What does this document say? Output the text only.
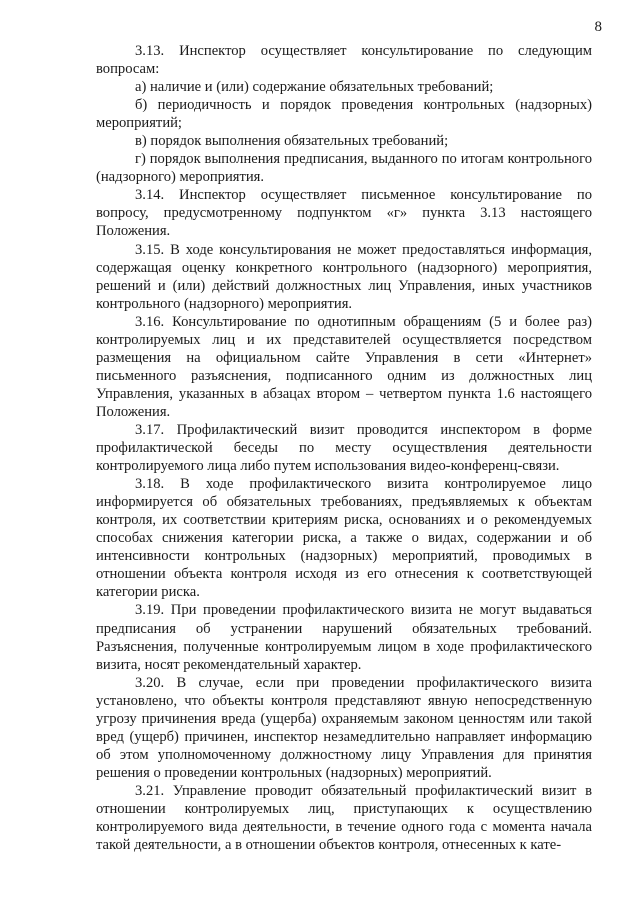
8

3.13. Инспектор осуществляет консультирование по следующим вопросам:

а) наличие и (или) содержание обязательных требований;

б) периодичность и порядок проведения контрольных (надзорных) мероприятий;

в) порядок выполнения обязательных требований;

г) порядок выполнения предписания, выданного по итогам контрольного (надзорного) мероприятия.

3.14. Инспектор осуществляет письменное консультирование по вопросу, предусмотренному подпунктом «г» пункта 3.13 настоящего Положения.

3.15. В ходе консультирования не может предоставляться информация, содержащая оценку конкретного контрольного (надзорного) мероприятия, решений и (или) действий должностных лиц Управления, иных участников контрольного (надзорного) мероприятия.

3.16. Консультирование по однотипным обращениям (5 и более раз) контролируемых лиц и их представителей осуществляется посредством размещения на официальном сайте Управления в сети «Интернет» письменного разъяснения, подписанного одним из должностных лиц Управления, указанных в абзацах втором – четвертом пункта 1.6 настоящего Положения.

3.17. Профилактический визит проводится инспектором в форме профилактической беседы по месту осуществления деятельности контролируемого лица либо путем использования видео-конференц-связи.

3.18. В ходе профилактического визита контролируемое лицо информируется об обязательных требованиях, предъявляемых к объектам контроля, их соответствии критериям риска, основаниях и о рекомендуемых способах снижения категории риска, а также о видах, содержании и об интенсивности контрольных (надзорных) мероприятий, проводимых в отношении объекта контроля исходя из его отнесения к соответствующей категории риска.

3.19. При проведении профилактического визита не могут выдаваться предписания об устранении нарушений обязательных требований. Разъяснения, полученные контролируемым лицом в ходе профилактического визита, носят рекомендательный характер.

3.20. В случае, если при проведении профилактического визита установлено, что объекты контроля представляют явную непосредственную угрозу причинения вреда (ущерба) охраняемым законом ценностям или такой вред (ущерб) причинен, инспектор незамедлительно направляет информацию об этом уполномоченному должностному лицу Управления для принятия решения о проведении контрольных (надзорных) мероприятий.

3.21. Управление проводит обязательный профилактический визит в отношении контролируемых лиц, приступающих к осуществлению контролируемого вида деятельности, в течение одного года с момента начала такой деятельности, а в отношении объектов контроля, отнесенных к кате-
